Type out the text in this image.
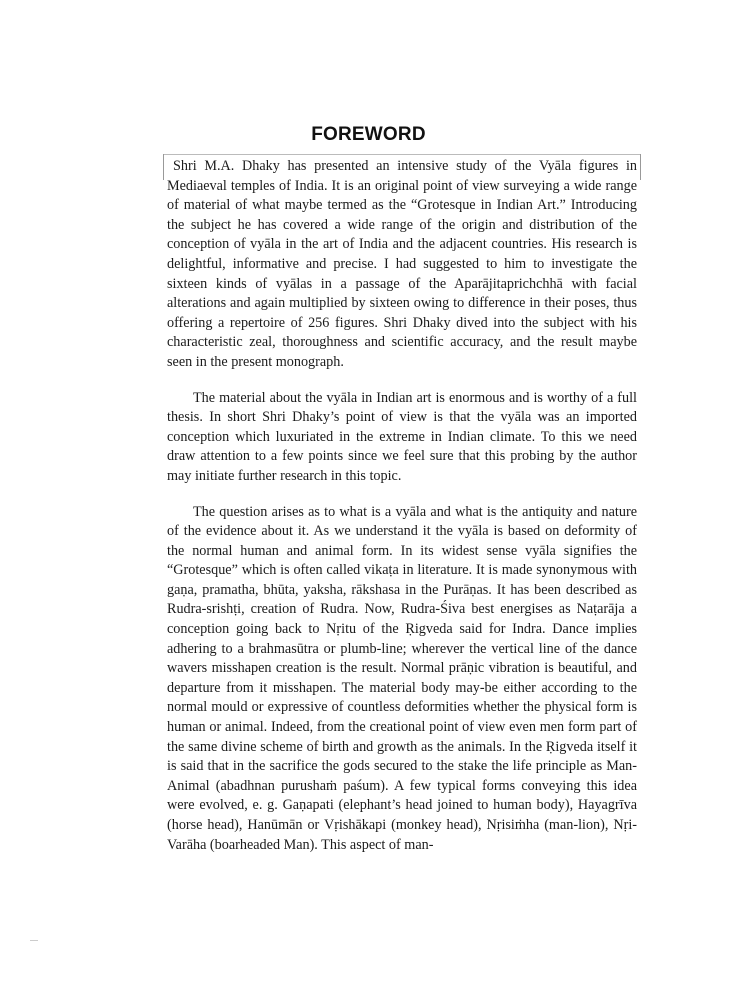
FOREWORD

Shri M.A. Dhaky has presented an intensive study of the Vyāla figures in Mediaeval temples of India. It is an original point of view surveying a wide range of material of what maybe termed as the “Grotesque in Indian Art.” Introducing the subject he has covered a wide range of the origin and distribution of the conception of vyāla in the art of India and the adjacent countries. His research is delightful, informative and precise. I had suggested to him to investigate the sixteen kinds of vyālas in a passage of the Aparājitaprichchhā with facial alterations and again multiplied by sixteen owing to difference in their poses, thus offering a repertoire of 256 figures. Shri Dhaky dived into the subject with his characteristic zeal, thoroughness and scientific accuracy, and the result maybe seen in the present monograph.

The material about the vyāla in Indian art is enormous and is worthy of a full thesis. In short Shri Dhaky’s point of view is that the vyāla was an imported conception which luxuriated in the extreme in Indian climate. To this we need draw attention to a few points since we feel sure that this probing by the author may initiate further research in this topic.

The question arises as to what is a vyāla and what is the antiquity and nature of the evidence about it. As we understand it the vyāla is based on deformity of the normal human and animal form. In its widest sense vyāla signifies the “Grotesque” which is often called vikaṭa in literature. It is made synonymous with gaṇa, pramatha, bhūta, yaksha, rākshasa in the Purāṇas. It has been described as Rudra-srishṭi, creation of Rudra. Now, Rudra-Śiva best energises as Naṭarāja a conception going back to Nṛitu of the Ṛigveda said for Indra. Dance implies adhering to a brahmasūtra or plumb-line; wherever the vertical line of the dance wavers misshapen creation is the result. Normal prāṇic vibration is beautiful, and departure from it misshapen. The material body may-be either according to the normal mould or expressive of countless deformities whether the physical form is human or animal. Indeed, from the creational point of view even men form part of the same divine scheme of birth and growth as the animals. In the Ṛigveda itself it is said that in the sacrifice the gods secured to the stake the life principle as Man-Animal (abadhnan purushaṁ paśum). A few typical forms conveying this idea were evolved, e. g. Gaṇapati (elephant’s head joined to human body), Hayagrīva (horse head), Hanūmān or Vṛishākapi (monkey head), Nṛisiṁha (man-lion), Nṛi-Varāha (boarheaded Man). This aspect of man-
